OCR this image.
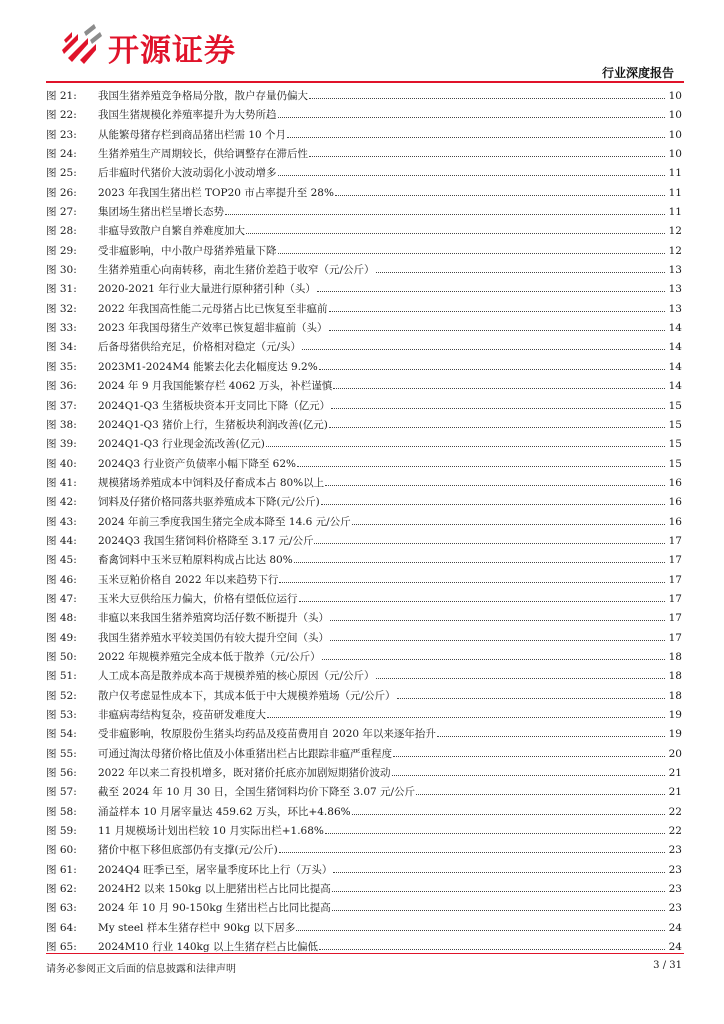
开源证券
行业深度报告
图 21:	我国生猪养殖竞争格局分散，散户存量仍偏大	10
图 22:	我国生猪规模化养殖率提升为大势所趋	10
图 23:	从能繁母猪存栏到商品猪出栏需 10 个月	10
图 24:	生猪养殖生产周期较长，供给调整存在滞后性	10
图 25:	后非瘟时代猪价大波动弱化小波动增多	11
图 26:	2023 年我国生猪出栏 TOP20 市占率提升至 28%	11
图 27:	集团场生猪出栏呈增长态势	11
图 28:	非瘟导致散户自繁自养难度加大	12
图 29:	受非瘟影响，中小散户母猪养殖量下降	12
图 30:	生猪养殖重心向南转移，南北生猪价差趋于收窄（元/公斤）	13
图 31:	2020-2021 年行业大量进行原种猪引种（头）	13
图 32:	2022 年我国高性能二元母猪占比已恢复至非瘟前	13
图 33:	2023 年我国母猪生产效率已恢复超非瘟前（头）	14
图 34:	后备母猪供给充足，价格相对稳定（元/头）	14
图 35:	2023M1-2024M4 能繁去化去化幅度达 9.2%	14
图 36:	2024 年 9 月我国能繁存栏 4062 万头，补栏谨慎	14
图 37:	2024Q1-Q3 生猪板块资本开支同比下降（亿元）	15
图 38:	2024Q1-Q3 猪价上行，生猪板块利润改善(亿元)	15
图 39:	2024Q1-Q3 行业现金流改善(亿元)	15
图 40:	2024Q3 行业资产负债率小幅下降至 62%	15
图 41:	规模猪场养殖成本中饲料及仔畜成本占 80%以上	16
图 42:	饲料及仔猪价格同落共驱养殖成本下降(元/公斤)	16
图 43:	2024 年前三季度我国生猪完全成本降至 14.6 元/公斤	16
图 44:	2024Q3 我国生猪饲料价格降至 3.17 元/公斤	17
图 45:	畜禽饲料中玉米豆粕原料构成占比达 80%	17
图 46:	玉米豆粕价格自 2022 年以来趋势下行	17
图 47:	玉米大豆供给压力偏大，价格有望低位运行	17
图 48:	非瘟以来我国生猪养殖窝均活仔数不断提升（头）	17
图 49:	我国生猪养殖水平较美国仍有较大提升空间（头）	17
图 50:	2022 年规模养殖完全成本低于散养（元/公斤）	18
图 51:	人工成本高是散养成本高于规模养殖的核心原因（元/公斤）	18
图 52:	散户仅考虑显性成本下，其成本低于中大规模养殖场（元/公斤）	18
图 53:	非瘟病毒结构复杂，疫苗研发难度大	19
图 54:	受非瘟影响，牧原股份生猪头均药品及疫苗费用自 2020 年以来逐年抬升	19
图 55:	可通过淘汰母猪价格比值及小体重猪出栏占比跟踪非瘟严重程度	20
图 56:	2022 年以来二育投机增多，既对猪价托底亦加剧短期猪价波动	21
图 57:	截至 2024 年 10 月 30 日，全国生猪饲料均价下降至 3.07 元/公斤	21
图 58:	涌益样本 10 月屠宰量达 459.62 万头，环比+4.86%	22
图 59:	11 月规模场计划出栏较 10 月实际出栏+1.68%	22
图 60:	猪价中枢下移但底部仍有支撑(元/公斤)	23
图 61:	2024Q4 旺季已至，屠宰量季度环比上行（万头）	23
图 62:	2024H2 以来 150kg 以上肥猪出栏占比同比提高	23
图 63:	2024 年 10 月 90-150kg 生猪出栏占比同比提高	23
图 64:	My steel 样本生猪存栏中 90kg 以下居多	24
图 65:	2024M10 行业 140kg 以上生猪存栏占比偏低	24
请务必参阅正文后面的信息披露和法律声明	3 / 31
